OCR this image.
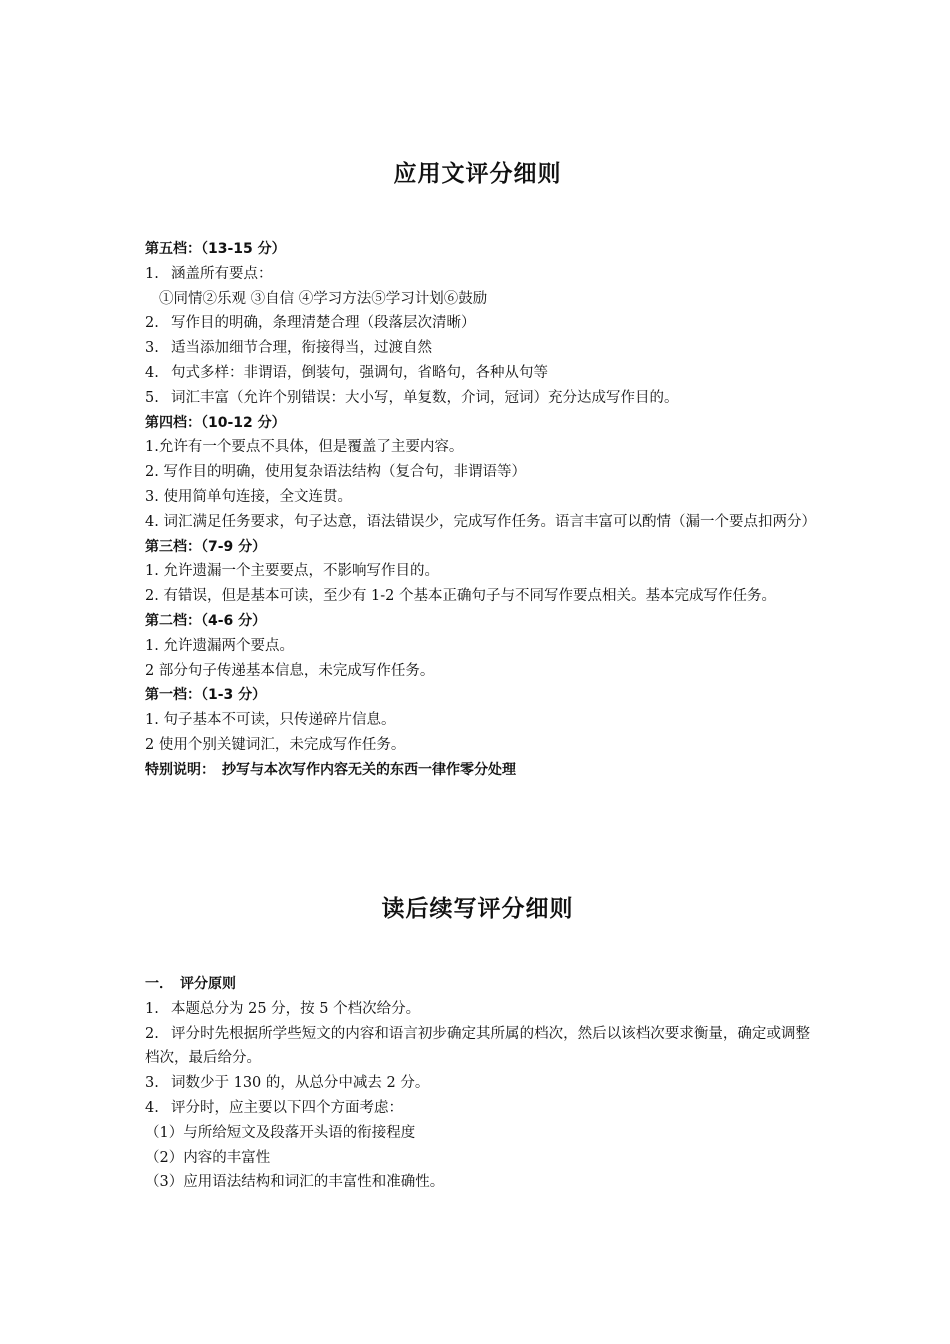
应用文评分细则
第五档：（13-15 分）
1. 涵盖所有要点：
①同情②乐观 ③自信 ④学习方法⑤学习计划⑥鼓励
2. 写作目的明确，条理清楚合理（段落层次清晰）
3. 适当添加细节合理，衔接得当，过渡自然
4. 句式多样：非谓语，倒装句，强调句，省略句，各种从句等
5. 词汇丰富（允许个别错误：大小写，单复数，介词，冠词）充分达成写作目的。
第四档：（10-12 分）
1.允许有一个要点不具体，但是覆盖了主要内容。
2. 写作目的明确，使用复杂语法结构（复合句，非谓语等）
3. 使用简单句连接，全文连贯。
4. 词汇满足任务要求，句子达意，语法错误少，完成写作任务。语言丰富可以酌情（漏一个要点扣两分）
第三档：（7-9 分）
1. 允许遗漏一个主要要点，不影响写作目的。
2. 有错误，但是基本可读，至少有 1-2 个基本正确句子与不同写作要点相关。基本完成写作任务。
第二档：（4-6 分）
1. 允许遗漏两个要点。
2 部分句子传递基本信息，未完成写作任务。
第一档：（1-3 分）
1. 句子基本不可读，只传递碎片信息。
2 使用个别关键词汇，未完成写作任务。
特别说明：　抄写与本次写作内容无关的东西一律作零分处理
读后续写评分细则
一．　评分原则
1. 本题总分为 25 分，按 5 个档次给分。
2. 评分时先根据所学些短文的内容和语言初步确定其所属的档次，然后以该档次要求衡量，确定或调整档次，最后给分。
3. 词数少于 130 的，从总分中减去 2 分。
4. 评分时，应主要以下四个方面考虑：
（1）与所给短文及段落开头语的衔接程度
（2）内容的丰富性
（3）应用语法结构和词汇的丰富性和准确性。
